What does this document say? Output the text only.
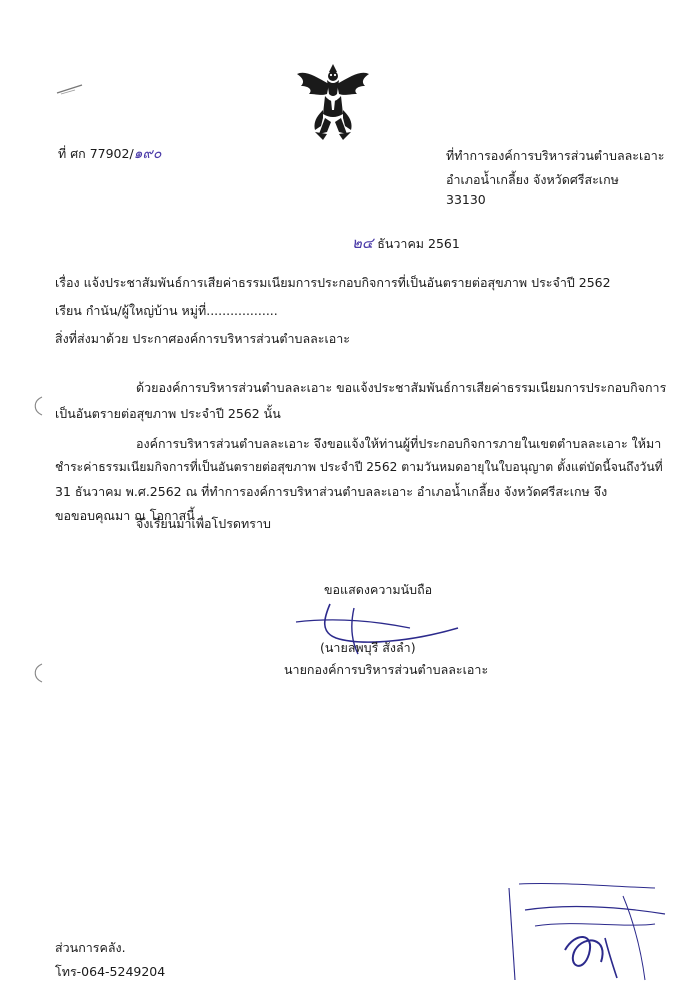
ที่ ศก 77902/๑๙๐	ที่ทำการองค์การบริหารส่วนตำบลละเอาะ
อำเภอน้ำเกลี้ยง จังหวัดศรีสะเกษ
33130
๒๔ ธันวาคม 2561
เรื่อง แจ้งประชาสัมพันธ์การเสียค่าธรรมเนียมการประกอบกิจการที่เป็นอันตรายต่อสุขภาพ ประจำปี 2562
เรียน กำนัน/ผู้ใหญ่บ้าน หมู่ที่..................
สิ่งที่ส่งมาด้วย ประกาศองค์การบริหารส่วนตำบลละเอาะ
ด้วยองค์การบริหารส่วนตำบลละเอาะ ขอแจ้งประชาสัมพันธ์การเสียค่าธรรมเนียมการประกอบกิจการ
เป็นอันตรายต่อสุขภาพ ประจำปี 2562 นั้น
องค์การบริหารส่วนตำบลละเอาะ จึงขอแจ้งให้ท่านผู้ที่ประกอบกิจการภายในเขตตำบลละเอาะ ให้มา
ชำระค่าธรรมเนียมกิจการที่เป็นอันตรายต่อสุขภาพ ประจำปี 2562 ตามวันหมดอายุในใบอนุญาต ตั้งแต่บัดนี้จนถึงวันที่
31 ธันวาคม พ.ศ.2562 ณ ที่ทำการองค์การบริหาส่วนตำบลละเอาะ อำเภอน้ำเกลี้ยง จังหวัดศรีสะเกษ จึง
ขอขอบคุณมา ณ โอกาสนี้
จึงเรียนมาเพื่อโปรดทราบ
ขอแสดงความนับถือ
(นายลพบุรี สังลำ)
นายกองค์การบริหารส่วนตำบลละเอาะ
ส่วนการคลัง.
โทร-064-5249204
